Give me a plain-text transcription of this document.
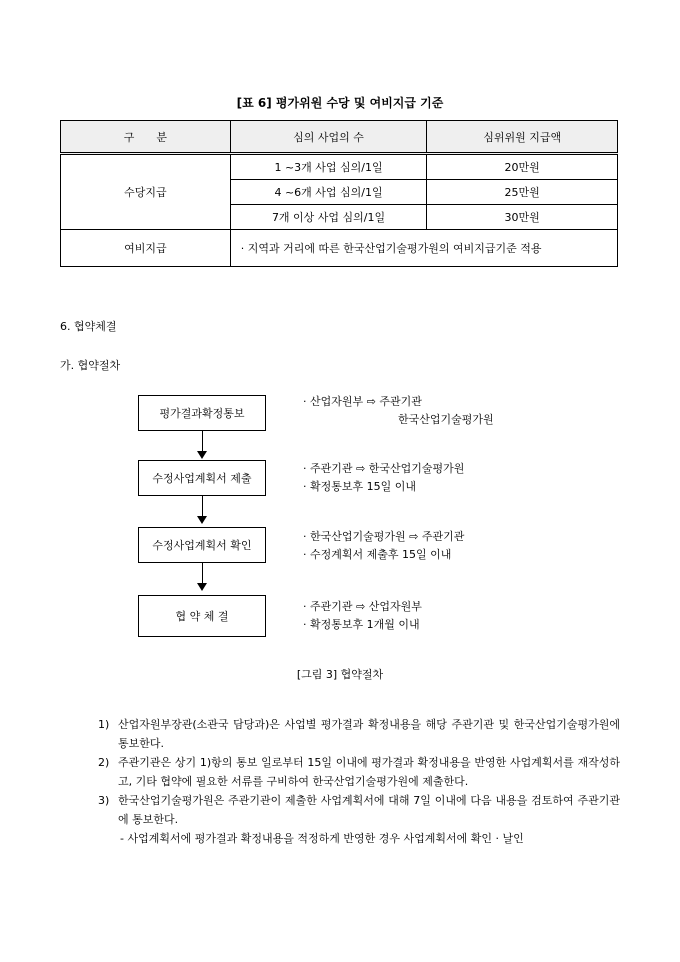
[표 6] 평가위원 수당 및 여비지급 기준
구　　분	심의 사업의 수	심위위원 지급액
수당지급	1 ~3개 사업 심의/1일	20만원
	4 ~6개 사업 심의/1일	25만원
	7개 이상 사업 심의/1일	30만원
여비지급	· 지역과 거리에 따른 한국산업기술평가원의 여비지급기준 적용	
6. 협약체결
가. 협약절차
평가결과확정통보
· 산업자원부 ⇨ 주관기관
한국산업기술평가원
수정사업계획서 제출
· 주관기관 ⇨ 한국산업기술평가원
· 확정통보후 15일 이내
수정사업계획서 확인
· 한국산업기술평가원 ⇨ 주관기관
· 수정계획서 제출후 15일 이내
협 약 체 결
· 주관기관 ⇨ 산업자원부
· 확정통보후 1개월 이내
[그림 3] 협약절차
1) 산업자원부장관(소관국 담당과)은 사업별 평가결과 확정내용을 해당 주관기관 및 한국산업기술평가원에 통보한다.
2) 주관기관은 상기 1)항의 통보 일로부터 15일 이내에 평가결과 확정내용을 반영한 사업계획서를 재작성하고, 기타 협약에 필요한 서류를 구비하여 한국산업기술평가원에 제출한다.
3) 한국산업기술평가원은 주관기관이 제출한 사업계획서에 대해 7일 이내에 다음 내용을 검토하여 주관기관에 통보한다.
- 사업계획서에 평가결과 확정내용을 적정하게 반영한 경우 사업계획서에 확인 · 날인
